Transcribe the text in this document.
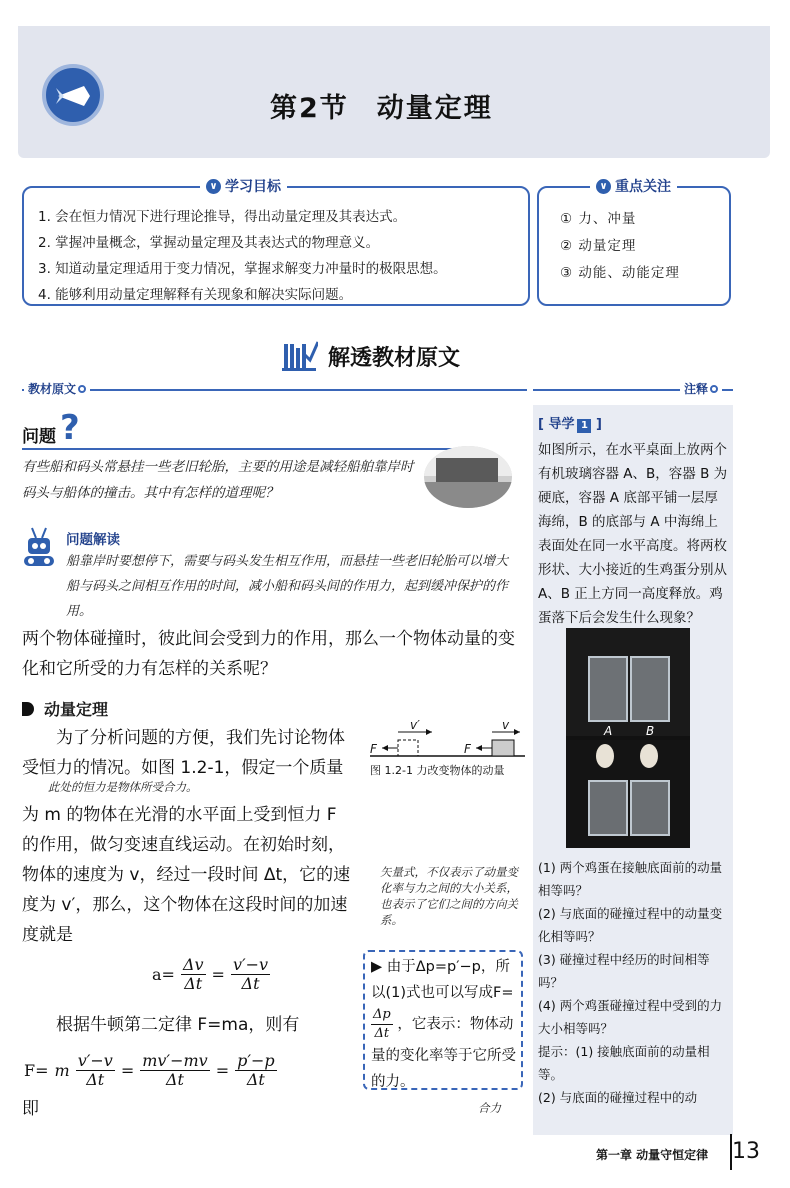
第2节 动量定理
∨ 学习目标
1. 会在恒力情况下进行理论推导，得出动量定理及其表达式。
2. 掌握冲量概念，掌握动量定理及其表达式的物理意义。
3. 知道动量定理适用于变力情况，掌握求解变力冲量时的极限思想。
4. 能够利用动量定理解释有关现象和解决实际问题。
∨ 重点关注
① 力、冲量
② 动量定理
③ 动能、动能定理
解透教材原文
教材原文	注释
[ 导学 1 ]
如图所示，在水平桌面上放两个有机玻璃容器 A、B，容器 B 为硬底，容器 A 底部平铺一层厚海绵，B 的底部与 A 中海绵上表面处在同一水平高度。将两枚形状、大小接近的生鸡蛋分别从 A、B 正上方同一高度释放。鸡蛋落下后会发生什么现象？
A	B

(1) 两个鸡蛋在接触底面前的动量相等吗？

(2) 与底面的碰撞过程中的动量变化相等吗？

(3) 碰撞过程中经历的时间相等吗？

(4) 两个鸡蛋碰撞过程中受到的力大小相等吗？

提示：(1) 接触底面前的动量相等。

(2) 与底面的碰撞过程中的动

问题 ?
有些船和码头常悬挂一些老旧轮胎，主要的用途是减轻船舶靠岸时码头与船体的撞击。其中有怎样的道理呢？
问题解读
船靠岸时要想停下，需要与码头发生相互作用，而悬挂一些老旧轮胎可以增大船与码头之间相互作用的时间，减小船和码头间的作用力，起到缓冲保护的作用。
两个物体碰撞时，彼此间会受到力的作用，那么一个物体动量的变化和它所受的力有怎样的关系呢？
动量定理
为了分析问题的方便，我们先讨论物体受恒力的情况。如图 1.2-1，假定一个质量
此处的恒力是物体所受合力。
为 m 的物体在光滑的水平面上受到恒力 F 的作用，做匀变速直线运动。在初始时刻，物体的速度为 v，经过一段时间 Δt，它的速度为 v′，那么，这个物体在这段时间的加速度就是
v′	v
F	F
图 1.2-1 力改变物体的动量
矢量式，不仅表示了动量变化率与力之间的大小关系，也表示了它们之间的方向关系。
$a= \frac{\Delta v}{\Delta t} = \frac{v'-v}{\Delta t}$
根据牛顿第二定律 F=ma，则有
F= m $\frac{v'-v}{\Delta t} = \frac{mv'-mv}{\Delta t} = \frac{p'-p}{\Delta t}$
即
▶ 由于Δp=p′−p，所以(1)式也可以写成F=
$\frac{\Delta p}{\Delta t}$ ，它表示：物体动量的变化率等于它所受的力。
合力
第一章 动量守恒定律 13
